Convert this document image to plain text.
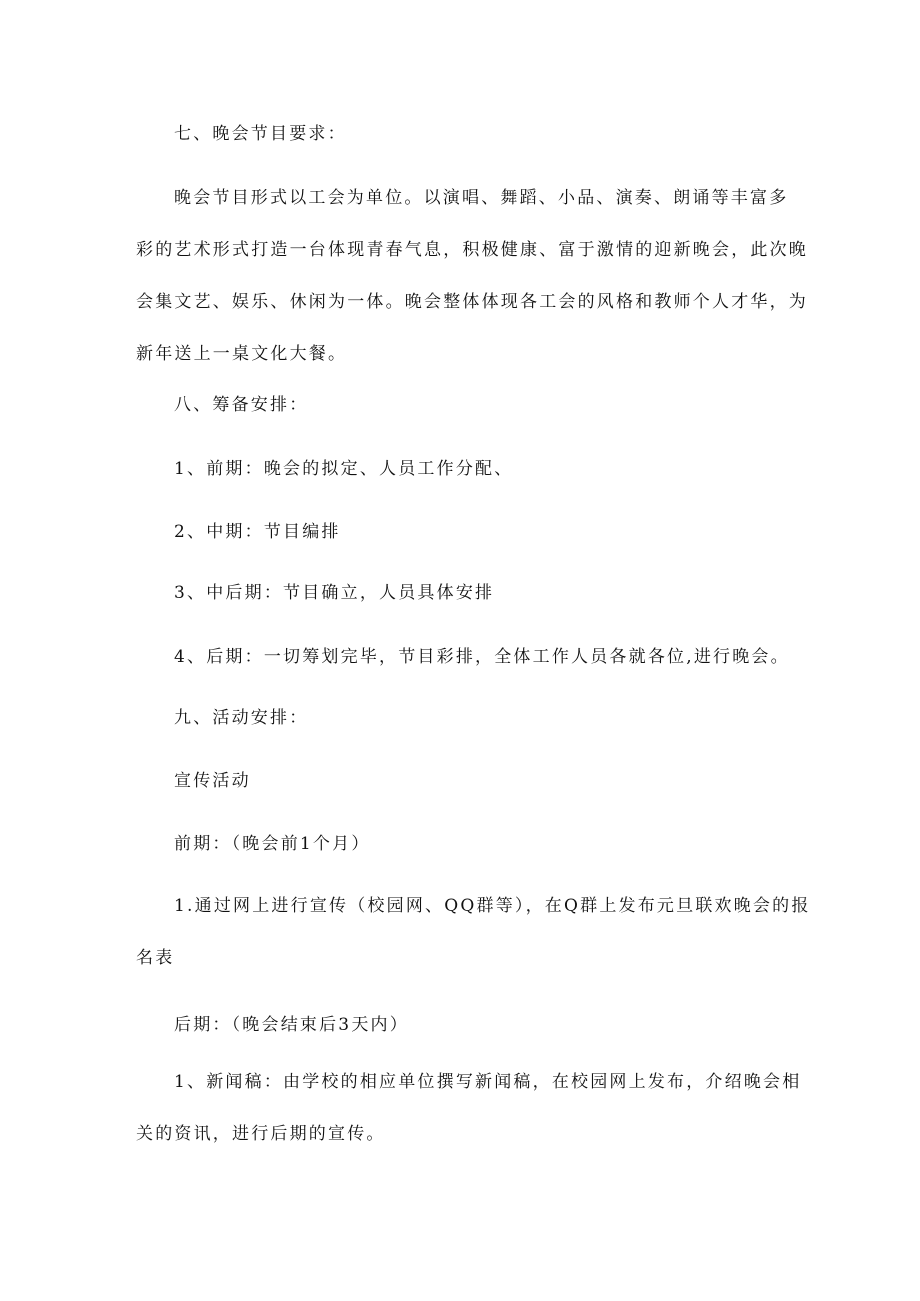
七、晚会节目要求：

晚会节目形式以工会为单位。以演唱、舞蹈、小品、演奏、朗诵等丰富多
彩的艺术形式打造一台体现青春气息，积极健康、富于激情的迎新晚会，此次晚
会集文艺、娱乐、休闲为一体。晚会整体体现各工会的风格和教师个人才华，为
新年送上一桌文化大餐。

八、筹备安排：

1、前期：晚会的拟定、人员工作分配、

2、中期：节目编排

3、中后期：节目确立，人员具体安排

4、后期：一切筹划完毕，节目彩排，全体工作人员各就各位,进行晚会。

九、活动安排：

宣传活动

前期：（晚会前1个月）

1.通过网上进行宣传（校园网、QQ群等），在Q群上发布元旦联欢晚会的报
名表

后期：（晚会结束后3天内）

1、新闻稿：由学校的相应单位撰写新闻稿，在校园网上发布，介绍晚会相
关的资讯，进行后期的宣传。
